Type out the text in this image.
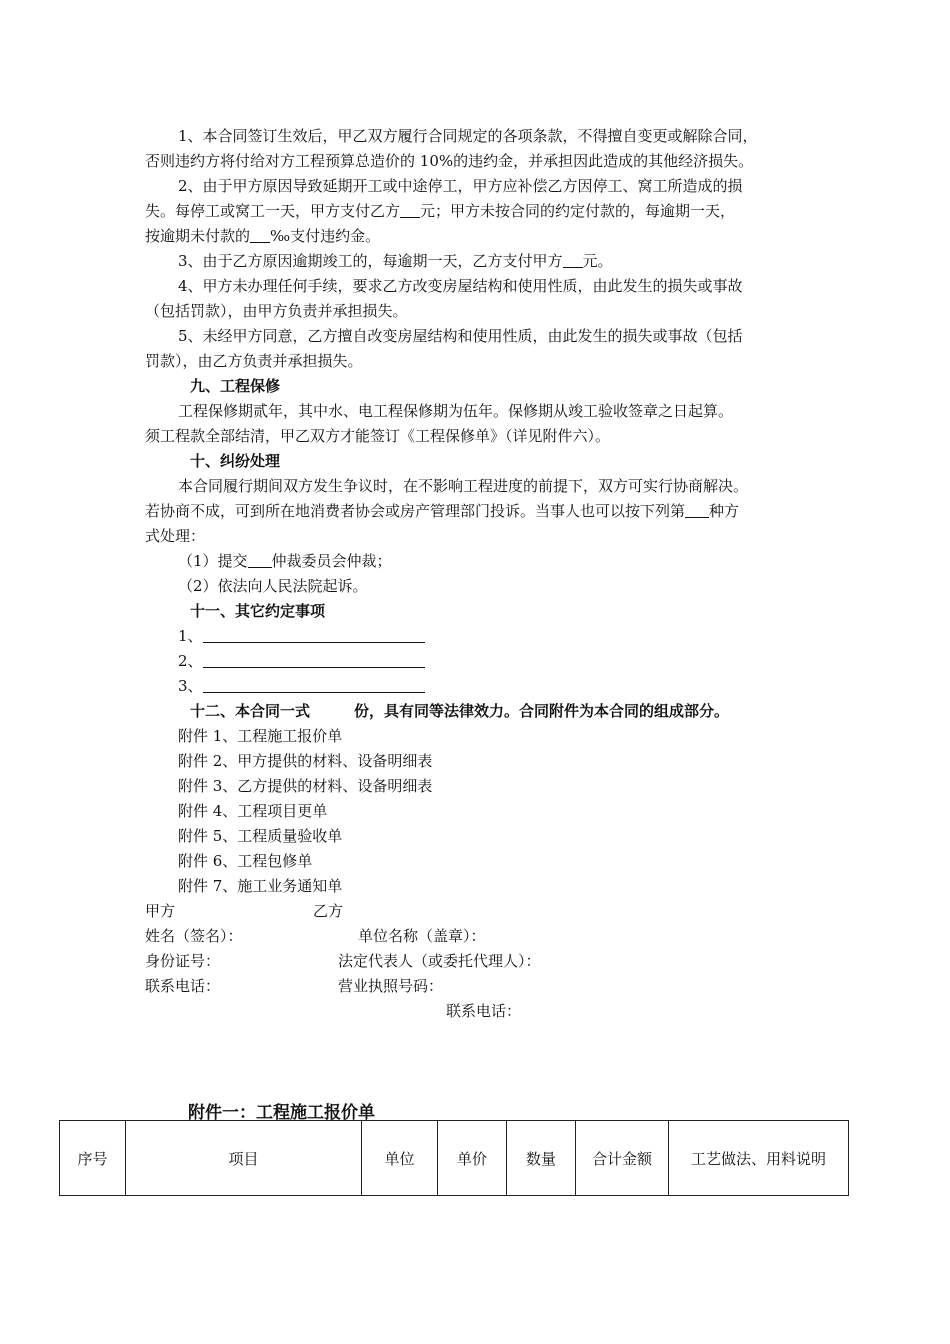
1、本合同签订生效后，甲乙双方履行合同规定的各项条款，不得擅自变更或解除合同，
否则违约方将付给对方工程预算总造价的 10%的违约金，并承担因此造成的其他经济损失。
2、由于甲方原因导致延期开工或中途停工，甲方应补偿乙方因停工、窝工所造成的损
失。每停工或窝工一天，甲方支付乙方 元；甲方未按合同的约定付款的，每逾期一天，
按逾期未付款的 ‰支付违约金。
3、由于乙方原因逾期竣工的，每逾期一天，乙方支付甲方 元。
4、甲方未办理任何手续，要求乙方改变房屋结构和使用性质，由此发生的损失或事故
（包括罚款），由甲方负责并承担损失。
5、未经甲方同意，乙方擅自改变房屋结构和使用性质，由此发生的损失或事故（包括
罚款），由乙方负责并承担损失。
九、工程保修
工程保修期贰年，其中水、电工程保修期为伍年。保修期从竣工验收签章之日起算。
须工程款全部结清，甲乙双方才能签订《工程保修单》（详见附件六）。
十、纠纷处理
本合同履行期间双方发生争议时，在不影响工程进度的前提下，双方可实行协商解决。
若协商不成，可到所在地消费者协会或房产管理部门投诉。当事人也可以按下列第 种方
式处理：
（1）提交 仲裁委员会仲裁；
（2）依法向人民法院起诉。
十一、其它约定事项
1、
2、
3、
十二、本合同一式	份，具有同等法律效力。合同附件为本合同的组成部分。
附件 1、工程施工报价单
附件 2、甲方提供的材料、设备明细表
附件 3、乙方提供的材料、设备明细表
附件 4、工程项目更单
附件 5、工程质量验收单
附件 6、工程包修单
附件 7、施工业务通知单
甲方	乙方
姓名（签名）：	单位名称（盖章）：
身份证号：	法定代表人（或委托代理人）：
联系电话：	营业执照号码：
联系电话：
附件一：工程施工报价单
序号	项目	单位	单价	数量	合计金额	工艺做法、用料说明
